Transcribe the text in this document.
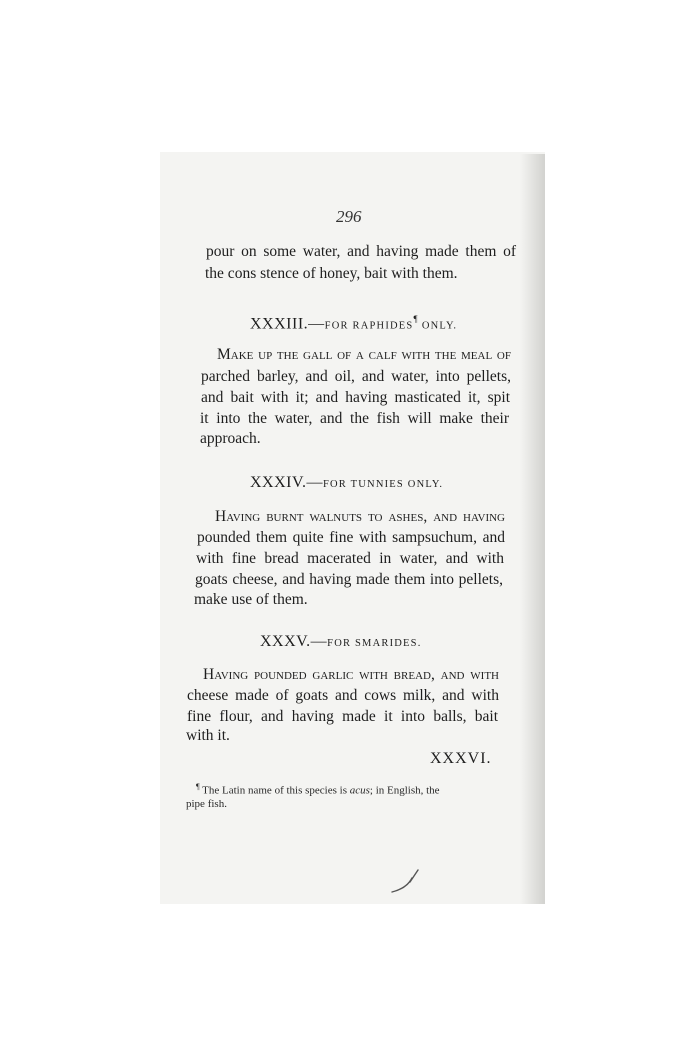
296
pour on some water, and having made them of
the cons stence of honey, bait with them.
XXXIII.—FOR RAPHIDES¶ ONLY.
Make up the gall of a calf with the meal of
parched barley, and oil, and water, into pellets,
and bait with it; and having masticated it, spit
it into the water, and the fish will make their
approach.
XXXIV.—FOR TUNNIES ONLY.
Having burnt walnuts to ashes, and having
pounded them quite fine with sampsuchum, and
with fine bread macerated in water, and with
goats cheese, and having made them into pellets,
make use of them.
XXXV.—FOR SMARIDES.
Having pounded garlic with bread, and with
cheese made of goats and cows milk, and with
fine flour, and having made it into balls, bait
with it.
XXXVI.
¶ The Latin name of this species is acus; in English, the
pipe fish.
